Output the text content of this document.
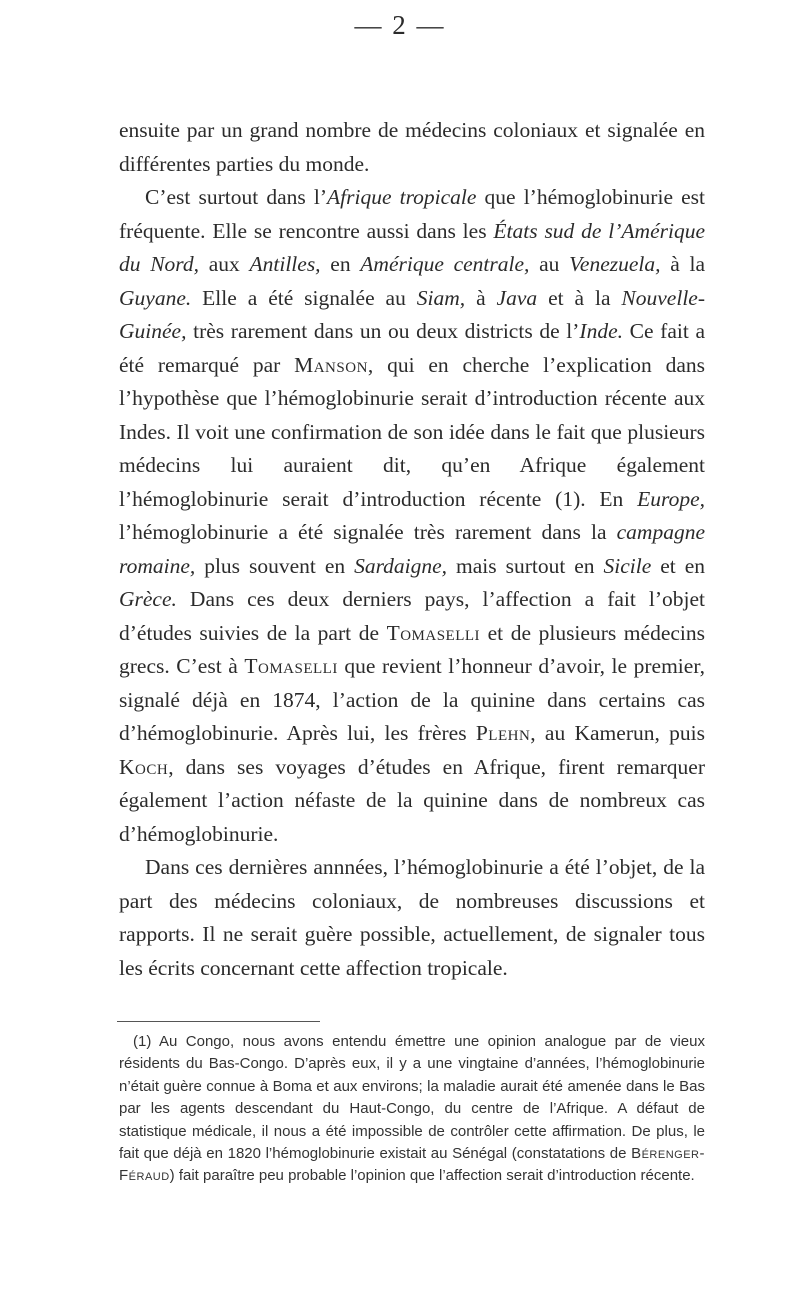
— 2 —

ensuite par un grand nombre de médecins coloniaux et signalée en différentes parties du monde.

C’est surtout dans l’Afrique tropicale que l’hémoglobinurie est fréquente. Elle se rencontre aussi dans les États sud de l’Amérique du Nord, aux Antilles, en Amérique centrale, au Venezuela, à la Guyane. Elle a été signalée au Siam, à Java et à la Nouvelle-Guinée, très rarement dans un ou deux districts de l’Inde. Ce fait a été remarqué par Manson, qui en cherche l’explication dans l’hypothèse que l’hémoglobinurie serait d’introduction récente aux Indes. Il voit une confirmation de son idée dans le fait que plusieurs médecins lui auraient dit, qu’en Afrique également l’hémoglobinurie serait d’introduction récente (1). En Europe, l’hémoglobinurie a été signalée très rarement dans la campagne romaine, plus souvent en Sardaigne, mais surtout en Sicile et en Grèce. Dans ces deux derniers pays, l’affection a fait l’objet d’études suivies de la part de Tomaselli et de plusieurs médecins grecs. C’est à Tomaselli que revient l’honneur d’avoir, le premier, signalé déjà en 1874, l’action de la quinine dans certains cas d’hémoglobinurie. Après lui, les frères Plehn, au Kamerun, puis Koch, dans ses voyages d’études en Afrique, firent remarquer également l’action néfaste de la quinine dans de nombreux cas d’hémoglobinurie.

Dans ces dernières annnées, l’hémoglobinurie a été l’objet, de la part des médecins coloniaux, de nombreuses discussions et rapports. Il ne serait guère possible, actuellement, de signaler tous les écrits concernant cette affection tropicale.

(1) Au Congo, nous avons entendu émettre une opinion analogue par de vieux résidents du Bas-Congo. D’après eux, il y a une vingtaine d’années, l’hémoglobinurie n’était guère connue à Boma et aux environs; la maladie aurait été amenée dans le Bas par les agents descendant du Haut-Congo, du centre de l’Afrique. A défaut de statistique médicale, il nous a été impossible de contrôler cette affirmation. De plus, le fait que déjà en 1820 l’hémoglobinurie existait au Sénégal (constatations de Bérenger-Féraud) fait paraître peu probable l’opinion que l’affection serait d’introduction récente.
